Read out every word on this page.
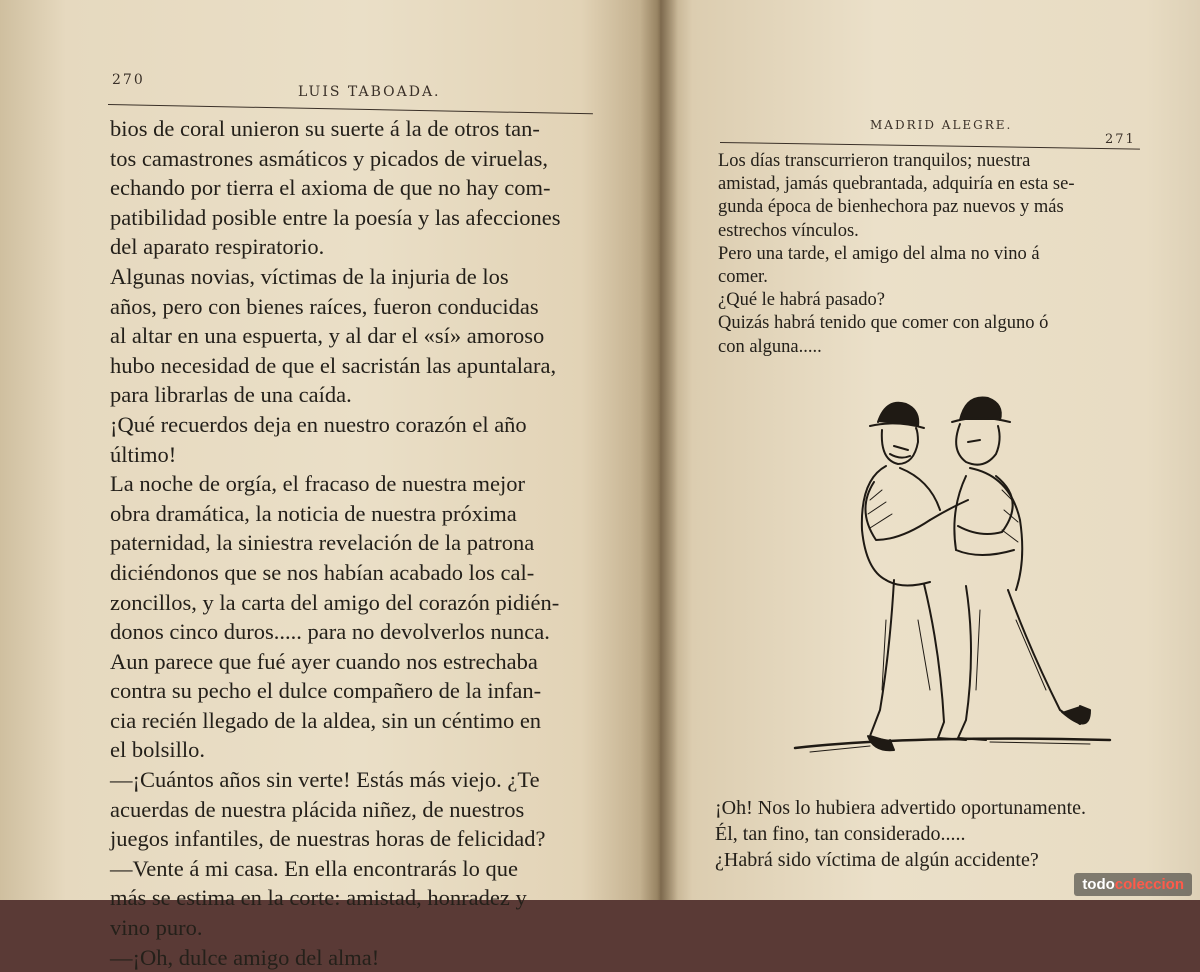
270
LUIS TABOADA.

bios de coral unieron su suerte á la de otros tan-

tos camastrones asmáticos y picados de viruelas,

echando por tierra el axioma de que no hay com-

patibilidad posible entre la poesía y las afecciones

del aparato respiratorio.

Algunas novias, víctimas de la injuria de los

años, pero con bienes raíces, fueron conducidas

al altar en una espuerta, y al dar el «sí» amoroso

hubo necesidad de que el sacristán las apuntalara,

para librarlas de una caída.

¡Qué recuerdos deja en nuestro corazón el año

último!

La noche de orgía, el fracaso de nuestra mejor

obra dramática, la noticia de nuestra próxima

paternidad, la siniestra revelación de la patrona

diciéndonos que se nos habían acabado los cal-

zoncillos, y la carta del amigo del corazón pidién-

donos cinco duros..... para no devolverlos nunca.

Aun parece que fué ayer cuando nos estrechaba

contra su pecho el dulce compañero de la infan-

cia recién llegado de la aldea, sin un céntimo en

el bolsillo.

—¡Cuántos años sin verte! Estás más viejo. ¿Te

acuerdas de nuestra plácida niñez, de nuestros

juegos infantiles, de nuestras horas de felicidad?

—Vente á mi casa. En ella encontrarás lo que

más se estima en la corte: amistad, honradez y

vino puro.

—¡Oh, dulce amigo del alma!

MADRID ALEGRE.
271

Los días transcurrieron tranquilos; nuestra

amistad, jamás quebrantada, adquiría en esta se-

gunda época de bienhechora paz nuevos y más

estrechos vínculos.

Pero una tarde, el amigo del alma no vino á

comer.

¿Qué le habrá pasado?

Quizás habrá tenido que comer con alguno ó

con alguna.....

¡Oh! Nos lo hubiera advertido oportunamente.

Él, tan fino, tan considerado.....

¿Habrá sido víctima de algún accidente?

todocoleccion
